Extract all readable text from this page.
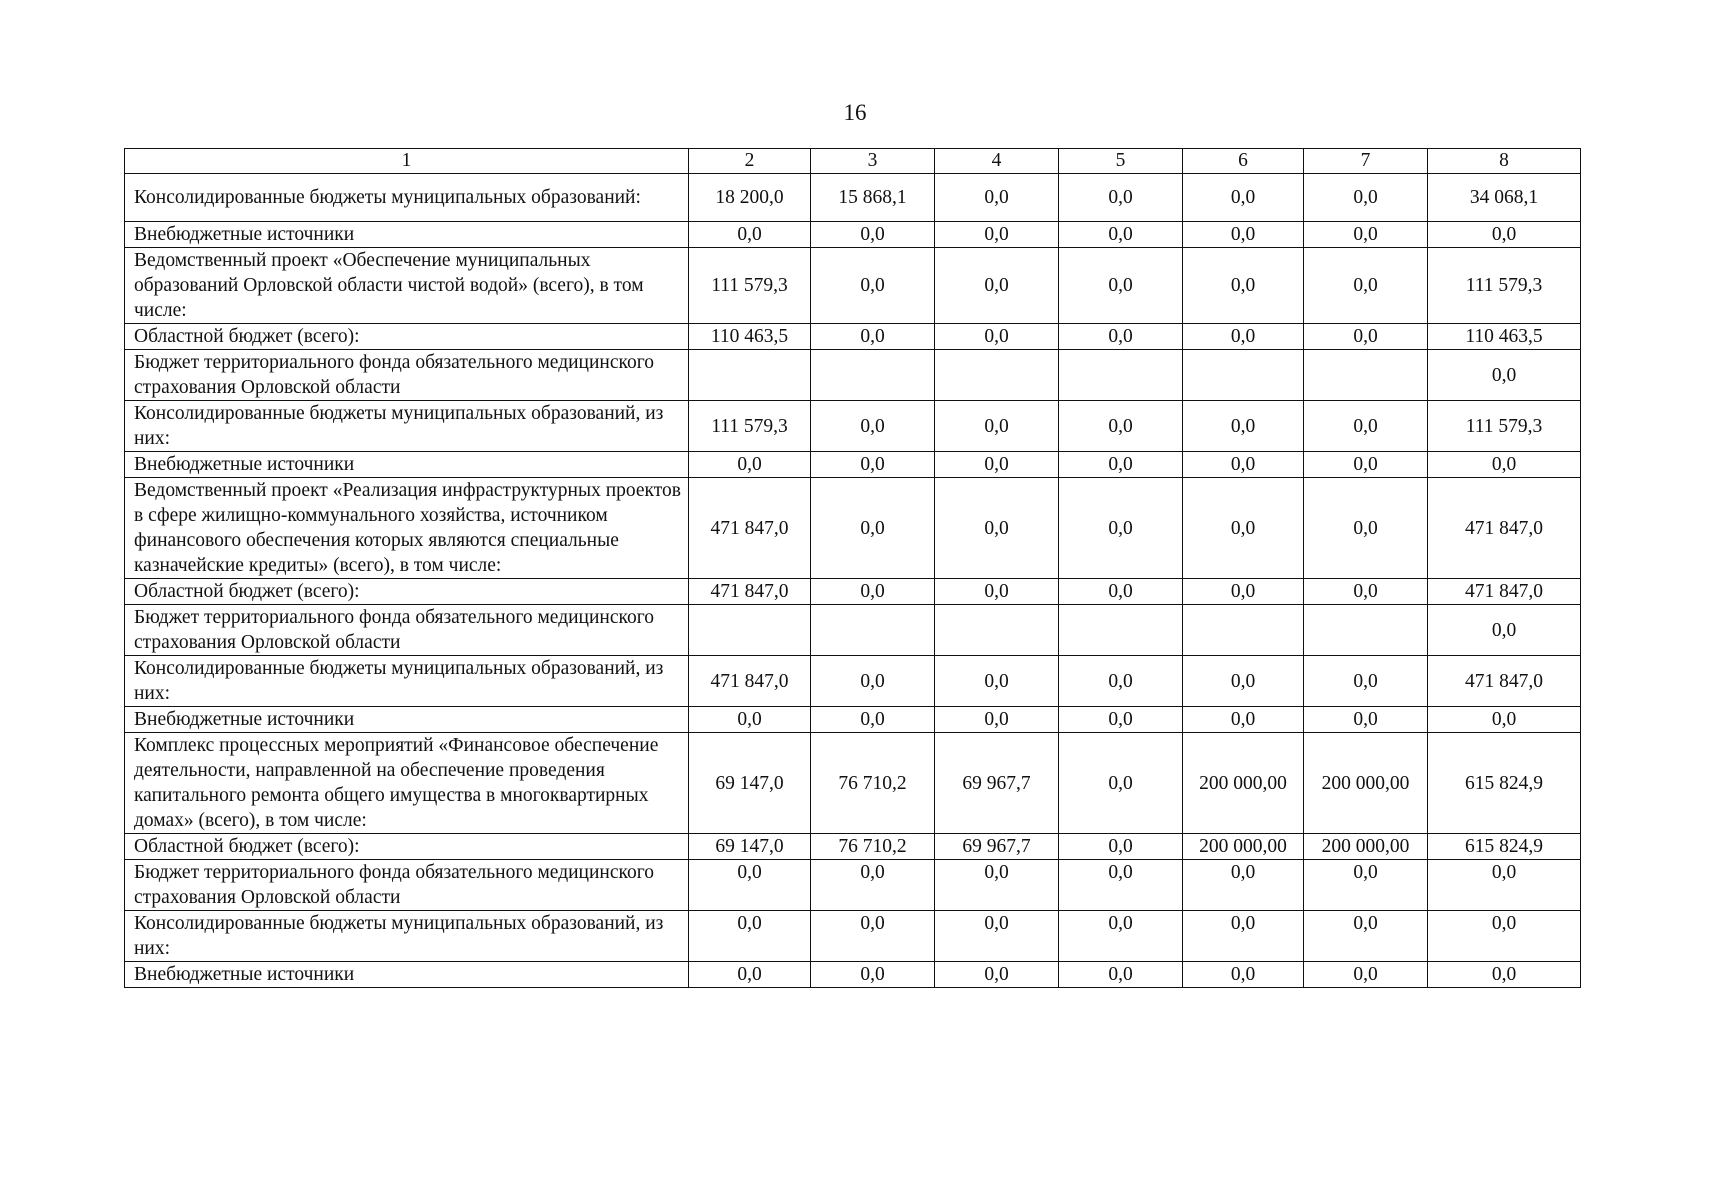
16
1	2	3	4	5	6	7	8
Консолидированные бюджеты муниципальных образований:	18 200,0	15 868,1	0,0	0,0	0,0	0,0	34 068,1
Внебюджетные источники	0,0	0,0	0,0	0,0	0,0	0,0	0,0
Ведомственный проект «Обеспечение муниципальных образований Орловской области чистой водой» (всего), в том числе:	111 579,3	0,0	0,0	0,0	0,0	0,0	111 579,3
Областной бюджет (всего):	110 463,5	0,0	0,0	0,0	0,0	0,0	110 463,5
Бюджет территориального фонда обязательного медицинского страхования Орловской области							0,0
Консолидированные бюджеты муниципальных образований, из них:	111 579,3	0,0	0,0	0,0	0,0	0,0	111 579,3
Внебюджетные источники	0,0	0,0	0,0	0,0	0,0	0,0	0,0
Ведомственный проект «Реализация инфраструктурных проектов в сфере жилищно-коммунального хозяйства, источником финансового обеспечения которых являются специальные казначейские кредиты» (всего), в том числе:	471 847,0	0,0	0,0	0,0	0,0	0,0	471 847,0
Областной бюджет (всего):	471 847,0	0,0	0,0	0,0	0,0	0,0	471 847,0
Бюджет территориального фонда обязательного медицинского страхования Орловской области							0,0
Консолидированные бюджеты муниципальных образований, из них:	471 847,0	0,0	0,0	0,0	0,0	0,0	471 847,0
Внебюджетные источники	0,0	0,0	0,0	0,0	0,0	0,0	0,0
Комплекс процессных мероприятий «Финансовое обеспечение деятельности, направленной на обеспечение проведения капитального ремонта общего имущества в многоквартирных домах» (всего), в том числе:	69 147,0	76 710,2	69 967,7	0,0	200 000,00	200 000,00	615 824,9
Областной бюджет (всего):	69 147,0	76 710,2	69 967,7	0,0	200 000,00	200 000,00	615 824,9
Бюджет территориального фонда обязательного медицинского страхования Орловской области	0,0	0,0	0,0	0,0	0,0	0,0	0,0
Консолидированные бюджеты муниципальных образований, из них:	0,0	0,0	0,0	0,0	0,0	0,0	0,0
Внебюджетные источники	0,0	0,0	0,0	0,0	0,0	0,0	0,0
